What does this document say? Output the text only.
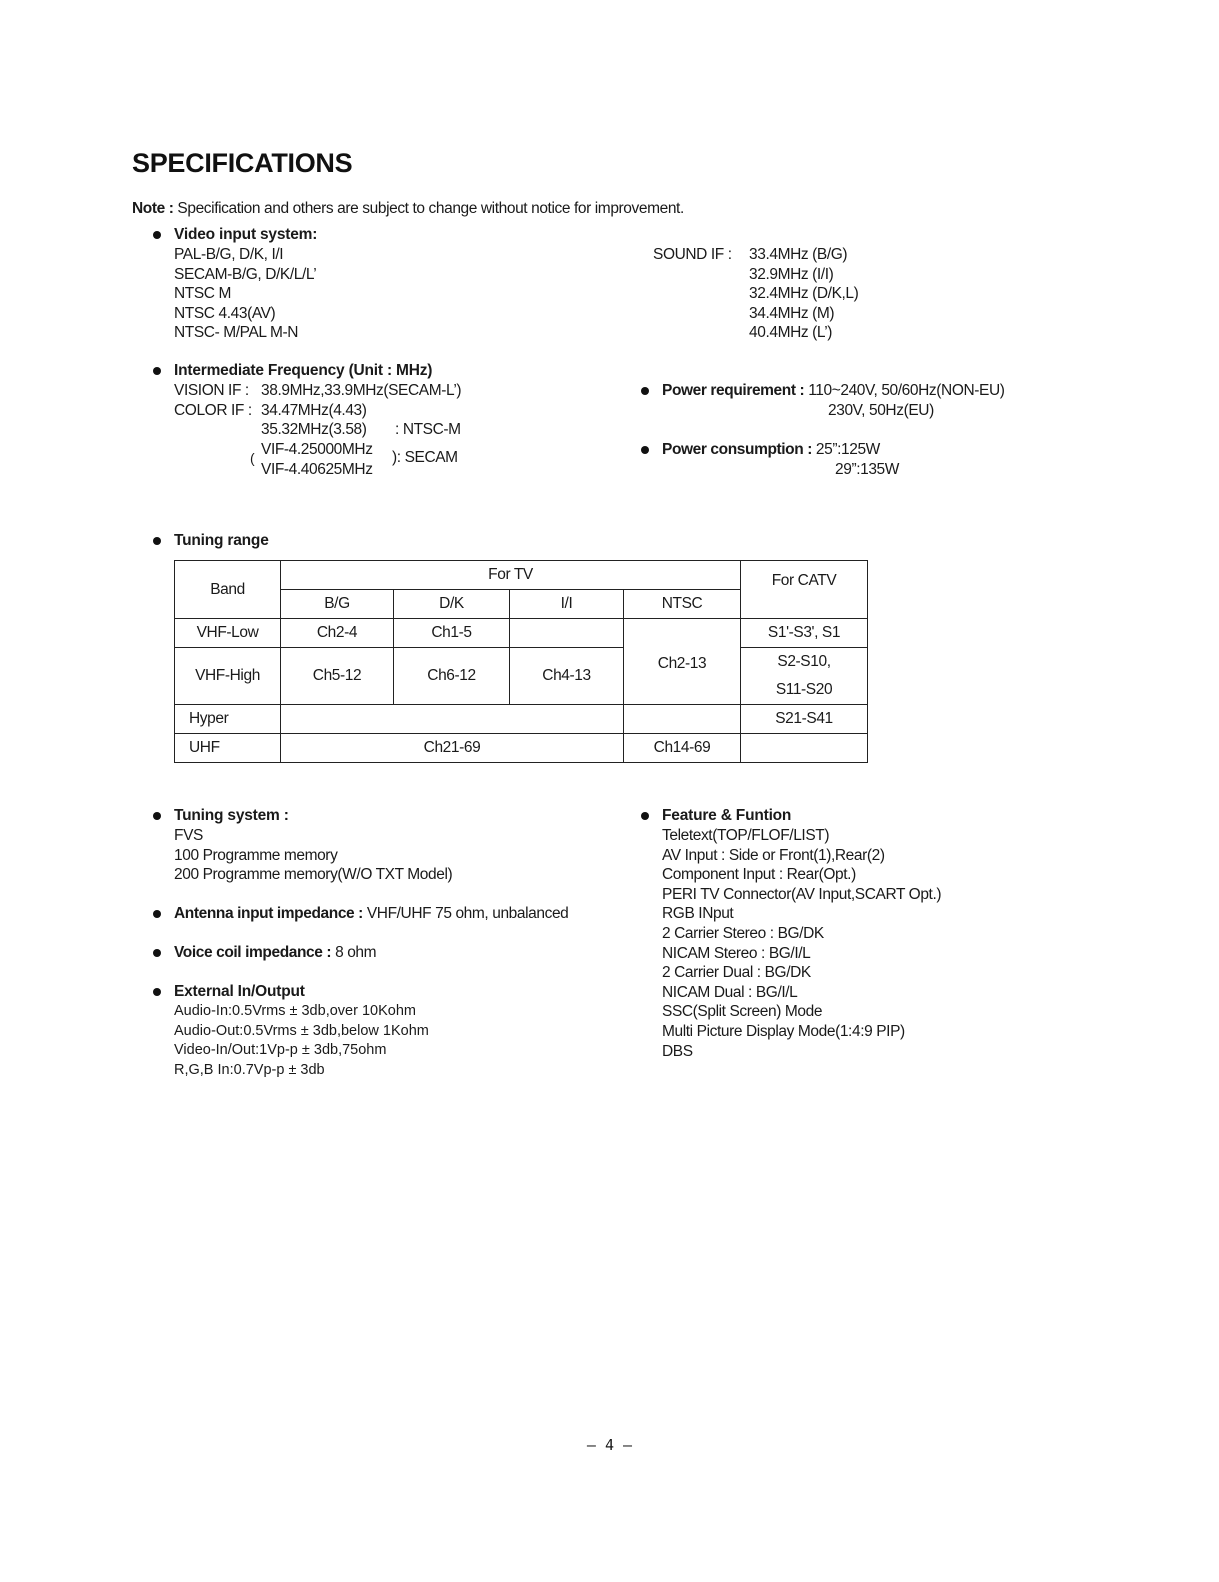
SPECIFICATIONS
Note : Specification and others are subject to change without notice for improvement.
Video input system:
PAL-B/G, D/K, I/I
SECAM-B/G, D/K/L/L’
NTSC M
NTSC 4.43(AV)
NTSC- M/PAL M-N
SOUND IF : 33.4MHz (B/G)
32.9MHz (I/I)
32.4MHz (D/K,L)
34.4MHz (M)
40.4MHz (L’)
Intermediate Frequency (Unit : MHz)
VISION IF : 38.9MHz,33.9MHz(SECAM-L’)
COLOR IF : 34.47MHz(4.43)
35.32MHz(3.58) : NTSC-M
( VIF-4.25000MHz
VIF-4.40625MHz
): SECAM
Power requirement : 110~240V, 50/60Hz(NON-EU)
230V, 50Hz(EU)
Power consumption : 25”:125W
29”:135W
Tuning range
Band	For TV				For CATV
	B/G	D/K	I/I	NTSC	
VHF-Low	Ch2-4	Ch1-5		Ch2-13	S1'-S3', S1
VHF-High	Ch5-12	Ch6-12	Ch4-13		S2-S10,
					S11-S20
Hyper					S21-S41
UHF	Ch21-69			Ch14-69	
Tuning system :
FVS
100 Programme memory
200 Programme memory(W/O TXT Model)
Antenna input impedance : VHF/UHF 75 ohm, unbalanced
Voice coil impedance : 8 ohm
External In/Output
Audio-In:0.5Vrms ± 3db,over 10Kohm
Audio-Out:0.5Vrms ± 3db,below 1Kohm
Video-In/Out:1Vp-p ± 3db,75ohm
R,G,B In:0.7Vp-p ± 3db
Feature & Funtion
Teletext(TOP/FLOF/LIST)
AV Input : Side or Front(1),Rear(2)
Component Input : Rear(Opt.)
PERI TV Connector(AV Input,SCART Opt.)
RGB INput
2 Carrier Stereo : BG/DK
NICAM Stereo : BG/I/L
2 Carrier Dual : BG/DK
NICAM Dual : BG/I/L
SSC(Split Screen) Mode
Multi Picture Display Mode(1:4:9 PIP)
DBS
– 4 –
